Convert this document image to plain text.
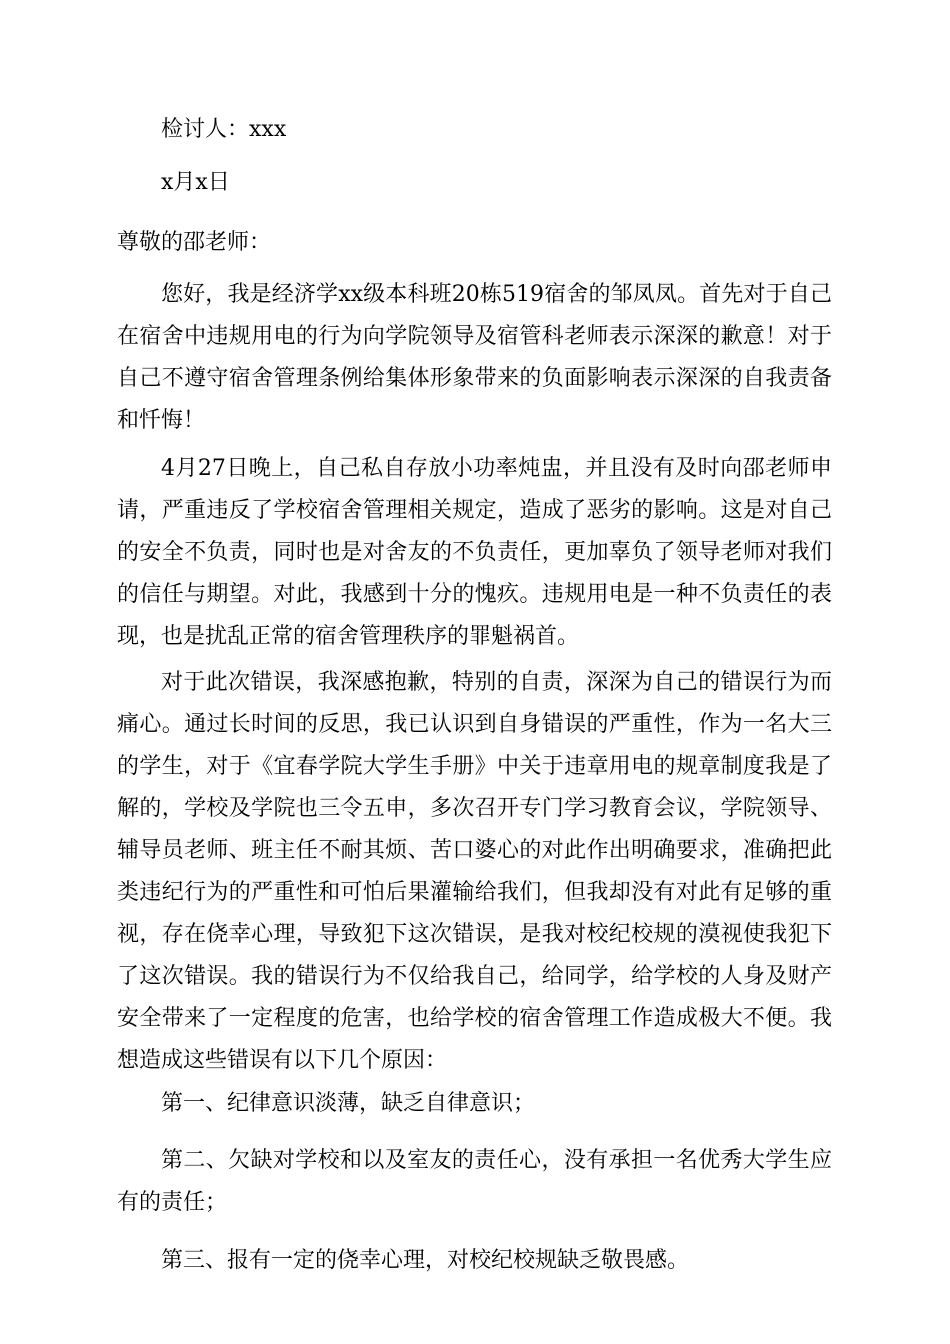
检讨人：xxx

x月x日

尊敬的邵老师：

您好，我是经济学xx级本科班20栋519宿舍的邹凤凤。首先对于自己在宿舍中违规用电的行为向学院领导及宿管科老师表示深深的歉意！对于自己不遵守宿舍管理条例给集体形象带来的负面影响表示深深的自我责备和忏悔！

4月27日晚上，自己私自存放小功率炖盅，并且没有及时向邵老师申请，严重违反了学校宿舍管理相关规定，造成了恶劣的影响。这是对自己的安全不负责，同时也是对舍友的不负责任，更加辜负了领导老师对我们的信任与期望。对此，我感到十分的愧疚。违规用电是一种不负责任的表现，也是扰乱正常的宿舍管理秩序的罪魁祸首。

对于此次错误，我深感抱歉，特别的自责，深深为自己的错误行为而痛心。通过长时间的反思，我已认识到自身错误的严重性，作为一名大三的学生，对于《宜春学院大学生手册》中关于违章用电的规章制度我是了解的，学校及学院也三令五申，多次召开专门学习教育会议，学院领导、辅导员老师、班主任不耐其烦、苦口婆心的对此作出明确要求，准确把此类违纪行为的严重性和可怕后果灌输给我们，但我却没有对此有足够的重视，存在侥幸心理，导致犯下这次错误，是我对校纪校规的漠视使我犯下了这次错误。我的错误行为不仅给我自己，给同学，给学校的人身及财产安全带来了一定程度的危害，也给学校的宿舍管理工作造成极大不便。我想造成这些错误有以下几个原因：

第一、纪律意识淡薄，缺乏自律意识；

第二、欠缺对学校和以及室友的责任心，没有承担一名优秀大学生应有的责任；

第三、报有一定的侥幸心理，对校纪校规缺乏敬畏感。
